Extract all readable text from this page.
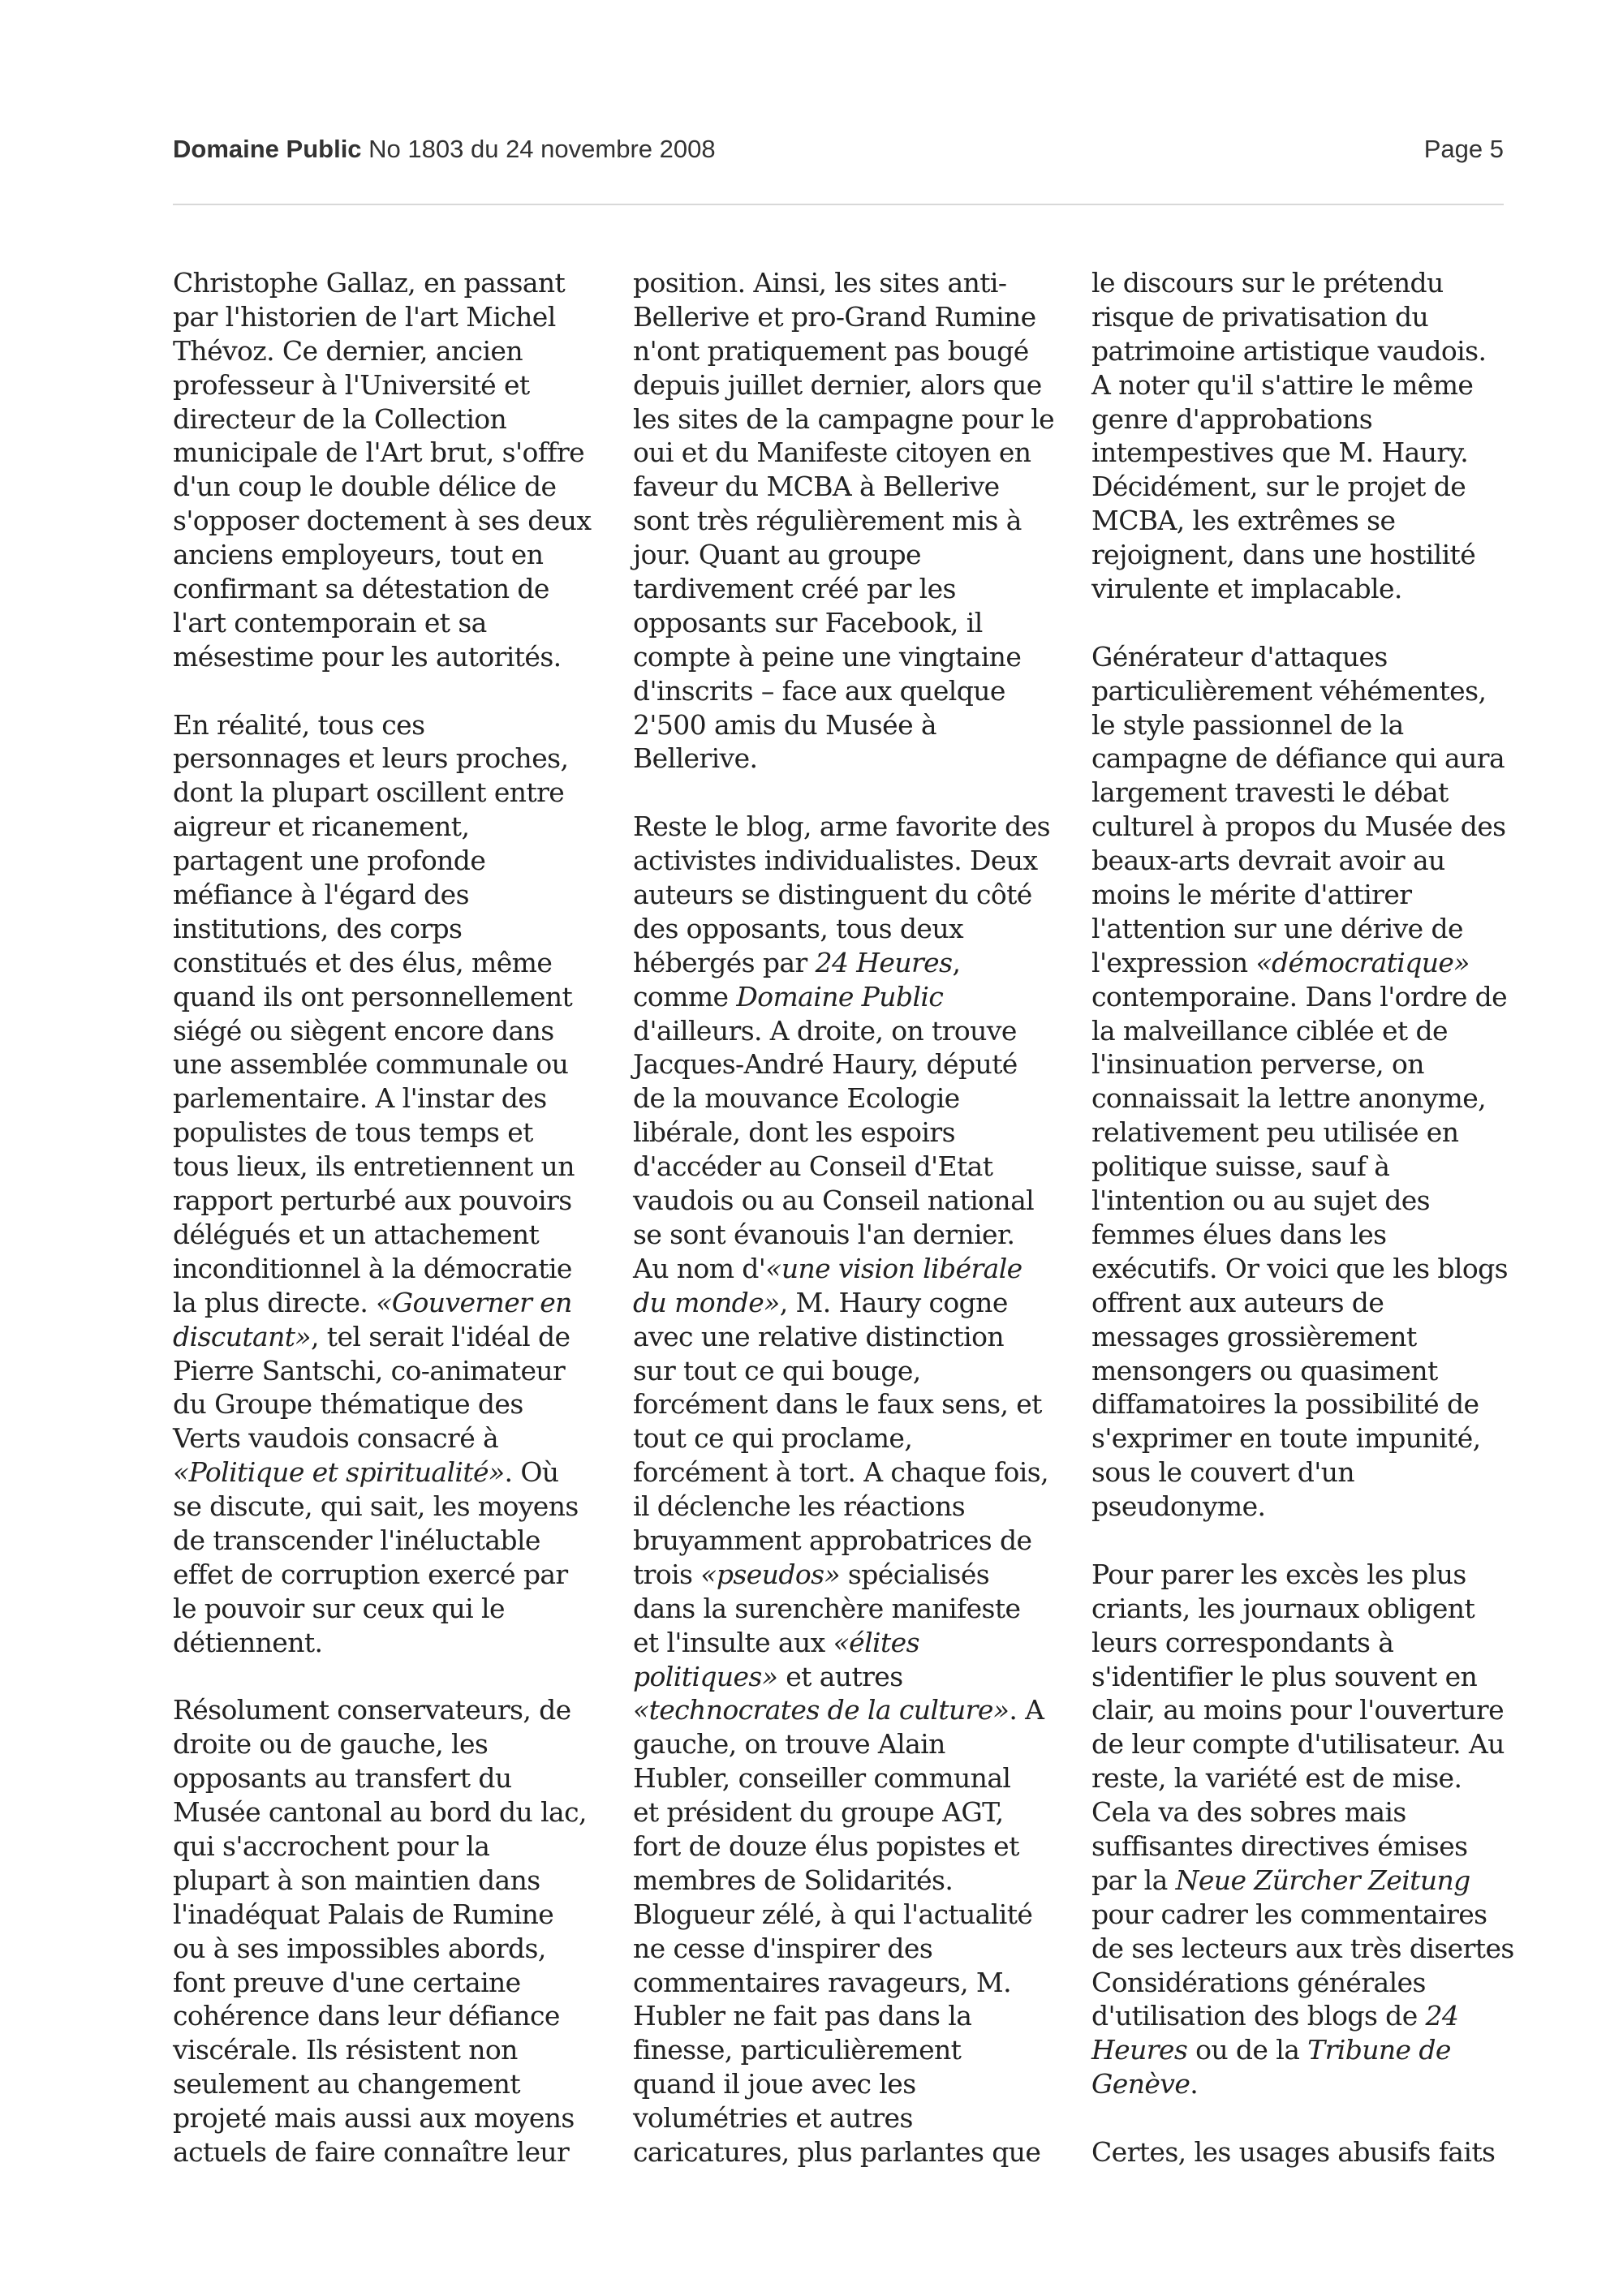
Domaine Public No 1803 du 24 novembre 2008	Page 5
Christophe Gallaz, en passant
par l'historien de l'art Michel
Thévoz. Ce dernier, ancien
professeur à l'Université et
directeur de la Collection
municipale de l'Art brut, s'offre
d'un coup le double délice de
s'opposer doctement à ses deux
anciens employeurs, tout en
confirmant sa détestation de
l'art contemporain et sa
mésestime pour les autorités.
En réalité, tous ces
personnages et leurs proches,
dont la plupart oscillent entre
aigreur et ricanement,
partagent une profonde
méfiance à l'égard des
institutions, des corps
constitués et des élus, même
quand ils ont personnellement
siégé ou siègent encore dans
une assemblée communale ou
parlementaire. A l'instar des
populistes de tous temps et
tous lieux, ils entretiennent un
rapport perturbé aux pouvoirs
délégués et un attachement
inconditionnel à la démocratie
la plus directe. «Gouverner en
discutant», tel serait l'idéal de
Pierre Santschi, co-animateur
du Groupe thématique des
Verts vaudois consacré à
«Politique et spiritualité». Où
se discute, qui sait, les moyens
de transcender l'inéluctable
effet de corruption exercé par
le pouvoir sur ceux qui le
détiennent.
Résolument conservateurs, de
droite ou de gauche, les
opposants au transfert du
Musée cantonal au bord du lac,
qui s'accrochent pour la
plupart à son maintien dans
l'inadéquat Palais de Rumine
ou à ses impossibles abords,
font preuve d'une certaine
cohérence dans leur défiance
viscérale. Ils résistent non
seulement au changement
projeté mais aussi aux moyens
actuels de faire connaître leur
position. Ainsi, les sites anti-
Bellerive et pro-Grand Rumine
n'ont pratiquement pas bougé
depuis juillet dernier, alors que
les sites de la campagne pour le
oui et du Manifeste citoyen en
faveur du MCBA à Bellerive
sont très régulièrement mis à
jour. Quant au groupe
tardivement créé par les
opposants sur Facebook, il
compte à peine une vingtaine
d'inscrits – face aux quelque
2'500 amis du Musée à
Bellerive.
Reste le blog, arme favorite des
activistes individualistes. Deux
auteurs se distinguent du côté
des opposants, tous deux
hébergés par 24 Heures,
comme Domaine Public
d'ailleurs. A droite, on trouve
Jacques-André Haury, député
de la mouvance Ecologie
libérale, dont les espoirs
d'accéder au Conseil d'Etat
vaudois ou au Conseil national
se sont évanouis l'an dernier.
Au nom d'«une vision libérale
du monde», M. Haury cogne
avec une relative distinction
sur tout ce qui bouge,
forcément dans le faux sens, et
tout ce qui proclame,
forcément à tort. A chaque fois,
il déclenche les réactions
bruyamment approbatrices de
trois «pseudos» spécialisés
dans la surenchère manifeste
et l'insulte aux «élites
politiques» et autres
«technocrates de la culture». A
gauche, on trouve Alain
Hubler, conseiller communal
et président du groupe AGT,
fort de douze élus popistes et
membres de Solidarités.
Blogueur zélé, à qui l'actualité
ne cesse d'inspirer des
commentaires ravageurs, M.
Hubler ne fait pas dans la
finesse, particulièrement
quand il joue avec les
volumétries et autres
caricatures, plus parlantes que
le discours sur le prétendu
risque de privatisation du
patrimoine artistique vaudois.
A noter qu'il s'attire le même
genre d'approbations
intempestives que M. Haury.
Décidément, sur le projet de
MCBA, les extrêmes se
rejoignent, dans une hostilité
virulente et implacable.
Générateur d'attaques
particulièrement véhémentes,
le style passionnel de la
campagne de défiance qui aura
largement travesti le débat
culturel à propos du Musée des
beaux-arts devrait avoir au
moins le mérite d'attirer
l'attention sur une dérive de
l'expression «démocratique»
contemporaine. Dans l'ordre de
la malveillance ciblée et de
l'insinuation perverse, on
connaissait la lettre anonyme,
relativement peu utilisée en
politique suisse, sauf à
l'intention ou au sujet des
femmes élues dans les
exécutifs. Or voici que les blogs
offrent aux auteurs de
messages grossièrement
mensongers ou quasiment
diffamatoires la possibilité de
s'exprimer en toute impunité,
sous le couvert d'un
pseudonyme.
Pour parer les excès les plus
criants, les journaux obligent
leurs correspondants à
s'identifier le plus souvent en
clair, au moins pour l'ouverture
de leur compte d'utilisateur. Au
reste, la variété est de mise.
Cela va des sobres mais
suffisantes directives émises
par la Neue Zürcher Zeitung
pour cadrer les commentaires
de ses lecteurs aux très disertes
Considérations générales
d'utilisation des blogs de 24
Heures ou de la Tribune de
Genève.
Certes, les usages abusifs faits
